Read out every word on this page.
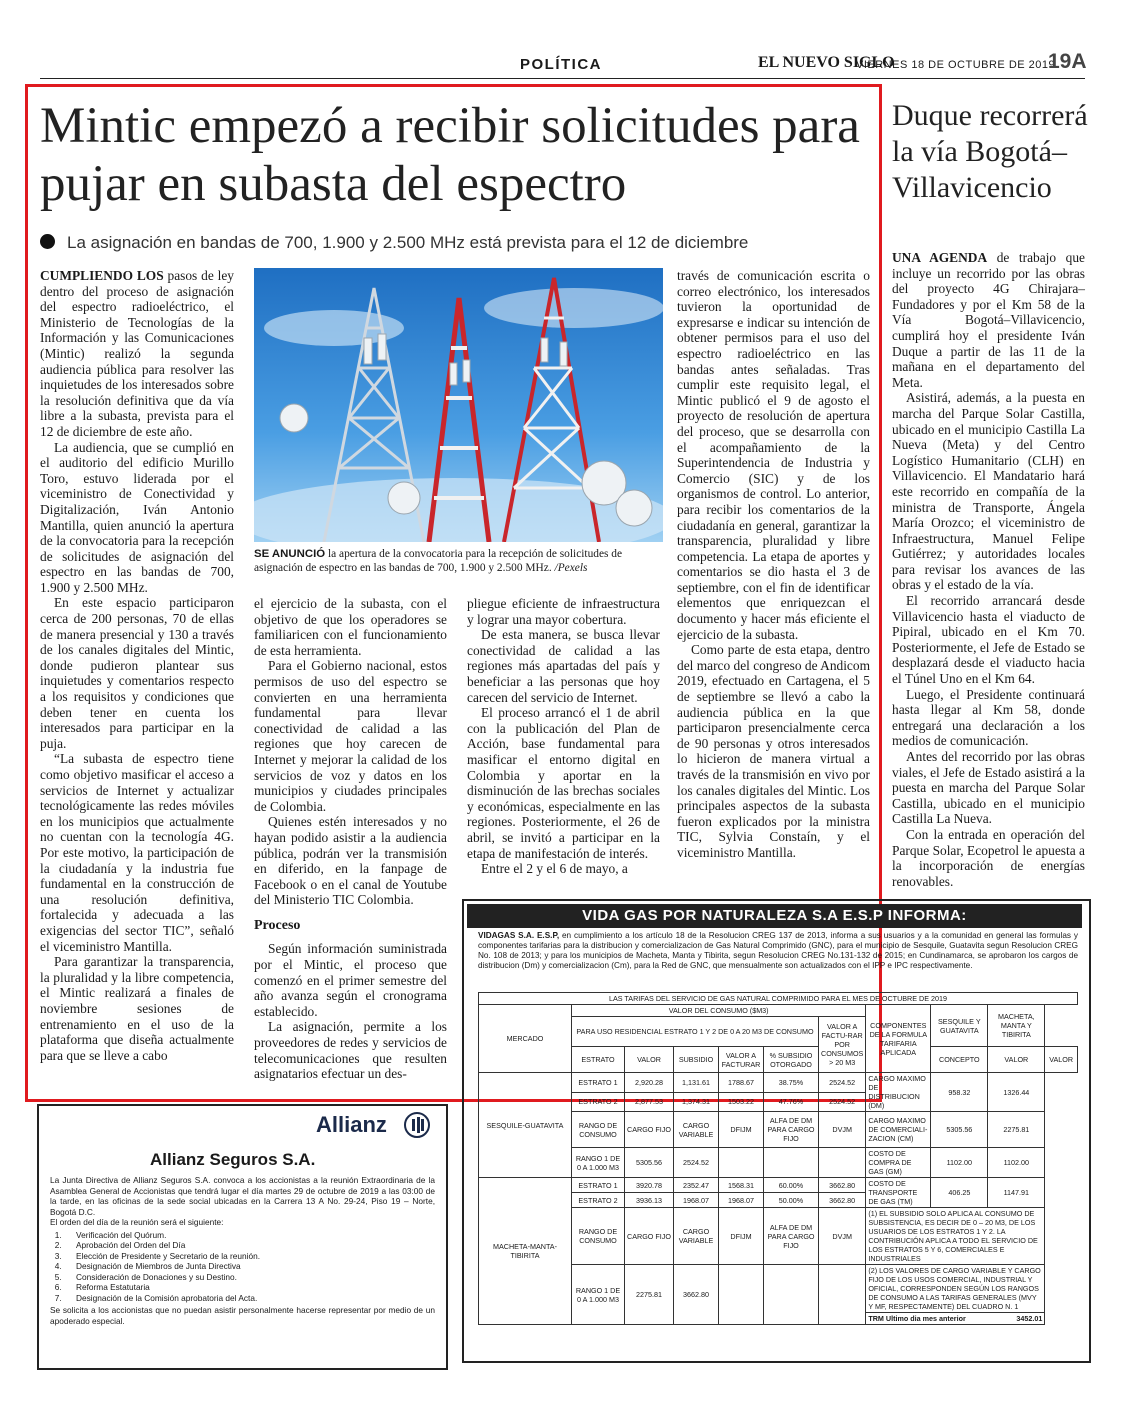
POLÍTICA	EL NUEVO SIGLO
VIERNES 18 DE OCTUBRE DE 2019
19A
Mintic empezó a recibir solicitudes para pujar en subasta del espectro
La asignación en bandas de 700, 1.900 y 2.500 MHz está prevista para el 12 de diciembre

CUMPLIENDO LOS pasos de ley dentro del proceso de asignación del espectro radioeléctrico, el Ministerio de Tecnologías de la Información y las Comunicaciones (Mintic) realizó la segunda audiencia pública para resolver las inquietudes de los interesados sobre la resolución definitiva que da vía libre a la subasta, prevista para el 12 de diciembre de este año.

La audiencia, que se cumplió en el auditorio del edificio Murillo Toro, estuvo liderada por el viceministro de Conectividad y Digitalización, Iván Antonio Mantilla, quien anunció la apertura de la convocatoria para la recepción de solicitudes de asignación del espectro en las bandas de 700, 1.900 y 2.500 MHz.

En este espacio participaron cerca de 200 personas, 70 de ellas de manera presencial y 130 a través de los canales digitales del Mintic, donde pudieron plantear sus inquietudes y comentarios respecto a los requisitos y condiciones que deben tener en cuenta los interesados para participar en la puja.

“La subasta de espectro tiene como objetivo masificar el acceso a servicios de Internet y actualizar tecnológicamente las redes móviles en los municipios que actualmente no cuentan con la tecnología 4G. Por este motivo, la participación de la ciudadanía y la industria fue fundamental en la construcción de una resolución definitiva, fortalecida y adecuada a las exigencias del sector TIC”, señaló el viceministro Mantilla.

Para garantizar la transparencia, la pluralidad y la libre competencia, el Mintic realizará a finales de noviembre sesiones de entrenamiento en el uso de la plataforma que diseña actualmente para que se lleve a cabo

SE ANUNCIÓ la apertura de la convocatoria para la recepción de solicitudes de asignación de espectro en las bandas de 700, 1.900 y 2.500 MHz. /Pexels

el ejercicio de la subasta, con el objetivo de que los operadores se familiaricen con el funcionamiento de esta herramienta.

Para el Gobierno nacional, estos permisos de uso del espectro se convierten en una herramienta fundamental para llevar conectividad de calidad a las regiones que hoy carecen de Internet y mejorar la calidad de los servicios de voz y datos en los municipios y ciudades principales de Colombia.

Quienes estén interesados y no hayan podido asistir a la audiencia pública, podrán ver la transmisión en diferido, en la fanpage de Facebook o en el canal de Youtube del Ministerio TIC Colombia.

Proceso

Según información suministrada por el Mintic, el proceso que comenzó en el primer semestre del año avanza según el cronograma establecido.

La asignación, permite a los proveedores de redes y servicios de telecomunicaciones que resulten asignatarios efectuar un des-

pliegue eficiente de infraestructura y lograr una mayor cobertura.

De esta manera, se busca llevar conectividad de calidad a las regiones más apartadas del país y beneficiar a las personas que hoy carecen del servicio de Internet.

El proceso arrancó el 1 de abril con la publicación del Plan de Acción, base fundamental para masificar el entorno digital en Colombia y aportar en la disminución de las brechas sociales y económicas, especialmente en las regiones. Posteriormente, el 26 de abril, se invitó a participar en la etapa de manifestación de interés.

Entre el 2 y el 6 de mayo, a

través de comunicación escrita o correo electrónico, los interesados tuvieron la oportunidad de expresarse e indicar su intención de obtener permisos para el uso del espectro radioeléctrico en las bandas antes señaladas. Tras cumplir este requisito legal, el Mintic publicó el 9 de agosto el proyecto de resolución de apertura del proceso, que se desarrolla con el acompañamiento de la Superintendencia de Industria y Comercio (SIC) y de los organismos de control. Lo anterior, para recibir los comentarios de la ciudadanía en general, garantizar la transparencia, pluralidad y libre competencia. La etapa de aportes y comentarios se dio hasta el 3 de septiembre, con el fin de identificar elementos que enriquezcan el documento y hacer más eficiente el ejercicio de la subasta.

Como parte de esta etapa, dentro del marco del congreso de Andicom 2019, efectuado en Cartagena, el 5 de septiembre se llevó a cabo la audiencia pública en la que participaron presencialmente cerca de 90 personas y otros interesados lo hicieron de manera virtual a través de la transmisión en vivo por los canales digitales del Mintic. Los principales aspectos de la subasta fueron explicados por la ministra TIC, Sylvia Constaín, y el viceministro Mantilla.

Duque recorrerá la vía Bogotá–Villavicencio

UNA AGENDA de trabajo que incluye un recorrido por las obras del proyecto 4G Chirajara–Fundadores y por el Km 58 de la Vía Bogotá–Villavicencio, cumplirá hoy el presidente Iván Duque a partir de las 11 de la mañana en el departamento del Meta.

Asistirá, además, a la puesta en marcha del Parque Solar Castilla, ubicado en el municipio Castilla La Nueva (Meta) y del Centro Logístico Humanitario (CLH) en Villavicencio. El Mandatario hará este recorrido en compañía de la ministra de Transporte, Ángela María Orozco; el viceministro de Infraestructura, Manuel Felipe Gutiérrez; y autoridades locales para revisar los avances de las obras y el estado de la vía.

El recorrido arrancará desde Villavicencio hasta el viaducto de Pipiral, ubicado en el Km 70. Posteriormente, el Jefe de Estado se desplazará desde el viaducto hacia el Túnel Uno en el Km 64.

Luego, el Presidente continuará hasta llegar al Km 58, donde entregará una declaración a los medios de comunicación.

Antes del recorrido por las obras viales, el Jefe de Estado asistirá a la puesta en marcha del Parque Solar Castilla, ubicado en el municipio Castilla La Nueva.

Con la entrada en operación del Parque Solar, Ecopetrol le apuesta a la incorporación de energías renovables.

Allianz
Allianz Seguros S.A.
La Junta Directiva de Allianz Seguros S.A. convoca a los accionistas a la reunión Extraordinaria de la Asamblea General de Accionistas que tendrá lugar el día martes 29 de octubre de 2019 a las 03:00 de la tarde, en las oficinas de la sede social ubicadas en la Carrera 13 A No. 29-24, Piso 19 – Norte, Bogotá D.C.
El orden del día de la reunión será el siguiente:
1. Verificación del Quórum.
2. Aprobación del Orden del Día
3. Elección de Presidente y Secretario de la reunión.
4. Designación de Miembros de Junta Directiva
5. Consideración de Donaciones y su Destino.
6. Reforma Estatutaria
7. Designación de la Comisión aprobatoria del Acta.
Se solicita a los accionistas que no puedan asistir personalmente hacerse representar por medio de un apoderado especial.
VIDA GAS POR NATURALEZA S.A E.S.P INFORMA:
VIDAGAS S.A. E.S.P, en cumplimiento a los artículo 18 de la Resolucion CREG 137 de 2013, informa a sus usuarios y a la comunidad en general las formulas y componentes tarifarias para la distribucion y comercializacion de Gas Natural Comprimido (GNC), para el municipio de Sesquile, Guatavita segun Resolucion CREG No. 108 de 2013; y para los municipios de Macheta, Manta y Tibirita, segun Resolucion CREG No.131-132 de 2015; en Cundinamarca, se aprobaron los cargos de distribucion (Dm) y comercializacion (Cm), para la Red de GNC, que mensualmente son actualizados con el IPP e IPC respectivamente.
LAS TARIFAS DEL SERVICIO DE GAS NATURAL COMPRIMIDO PARA EL MES DE OCTUBRE DE 2019										
MERCADO	VALOR DEL CONSUMO ($M3)						COMPONENTES DE LA FORMULA TARIFARIA APLICADA	SESQUILE Y GUATAVITA	MACHETA, MANTA Y TIBIRITA	
	PARA USO RESIDENCIAL ESTRATO 1 Y 2 DE 0 A 20 M3 DE CONSUMO					VALOR A FACTU-RAR POR CONSUMOS > 20 M3				
	ESTRATO	VALOR	SUBSIDIO	VALOR A FACTURAR	% SUBSIDIO OTORGADO			CONCEPTO	VALOR	VALOR
SESQUILE-GUATAVITA	ESTRATO 1	2,920.28	1,131.61	1788.67	38.75%	2524.52	CARGO MAXIMO DE DISTRIBUCION (DM)	958.32	1326.44	
	ESTRATO 2	2,877.53	1,374.31	1503.22	47.76%	2524.52				
	RANGO DE CONSUMO	CARGO FIJO	CARGO VARIABLE	DFIJM	ALFA DE DM PARA CARGO FIJO	DVJM	CARGO MAXIMO DE COMERCIALI-ZACION (CM)	5305.56	2275.81	
	RANGO 1 DE 0 A 1.000 M3	5305.56	2524.52				COSTO DE COMPRA DE GAS (GM)	1102.00	1102.00	
MACHETA-MANTA-TIBIRITA	ESTRATO 1	3920.78	2352.47	1568.31	60.00%	3662.80	COSTO DE TRANSPORTE DE GAS (TM)	406.25	1147.91	
	ESTRATO 2	3936.13	1968.07	1968.07	50.00%	3662.80				
	RANGO DE CONSUMO	CARGO FIJO	CARGO VARIABLE	DFIJM	ALFA DE DM PARA CARGO FIJO	DVJM	(1) EL SUBSIDIO SOLO APLICA AL CONSUMO DE SUBSISTENCIA, ES DECIR DE 0 – 20 M3, DE LOS USUARIOS DE LOS ESTRATOS 1 Y 2. LA CONTRIBUCIÓN APLICA A TODO EL SERVICIO DE LOS ESTRATOS 5 Y 6, COMERCIALES E INDUSTRIALES			
	RANGO 1 DE 0 A 1.000 M3	2275.81	3662.80				(2) LOS VALORES DE CARGO VARIABLE Y CARGO FIJO DE LOS USOS COMERCIAL, INDUSTRIAL Y OFICIAL, CORRESPONDEN SEGÚN LOS RANGOS DE CONSUMO A LAS TARIFAS GENERALES (MVY Y MF, RESPECTAMENTE) DEL CUADRO N. 1
TRM Ultimo dia mes anterior 3452.01			
